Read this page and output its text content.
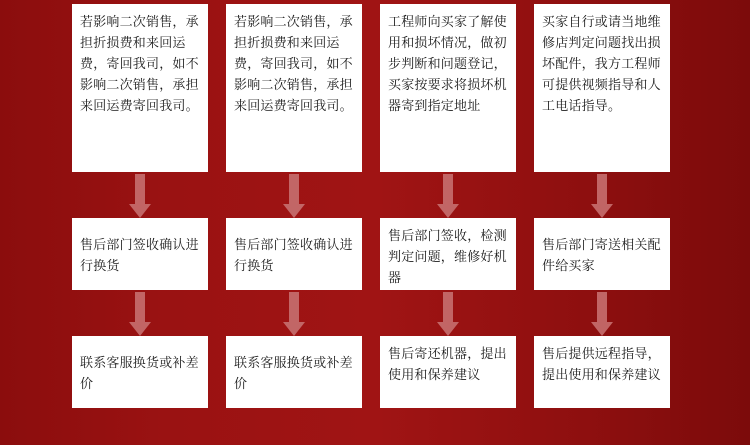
若影响二次销售，承担折损费和来回运费，寄回我司，如不影响二次销售，承担来回运费寄回我司。
售后部门签收确认进行换货
联系客服换货或补差价
若影响二次销售，承担折损费和来回运费，寄回我司，如不影响二次销售，承担来回运费寄回我司。
售后部门签收确认进行换货
联系客服换货或补差价
工程师向买家了解使用和损坏情况，做初步判断和问题登记，买家按要求将损坏机器寄到指定地址
售后部门签收，检测判定问题，维修好机器
售后寄还机器，提出使用和保养建议
买家自行或请当地维修店判定问题找出损坏配件，我方工程师可提供视频指导和人工电话指导。
售后部门寄送相关配件给买家
售后提供远程指导，提出使用和保养建议
